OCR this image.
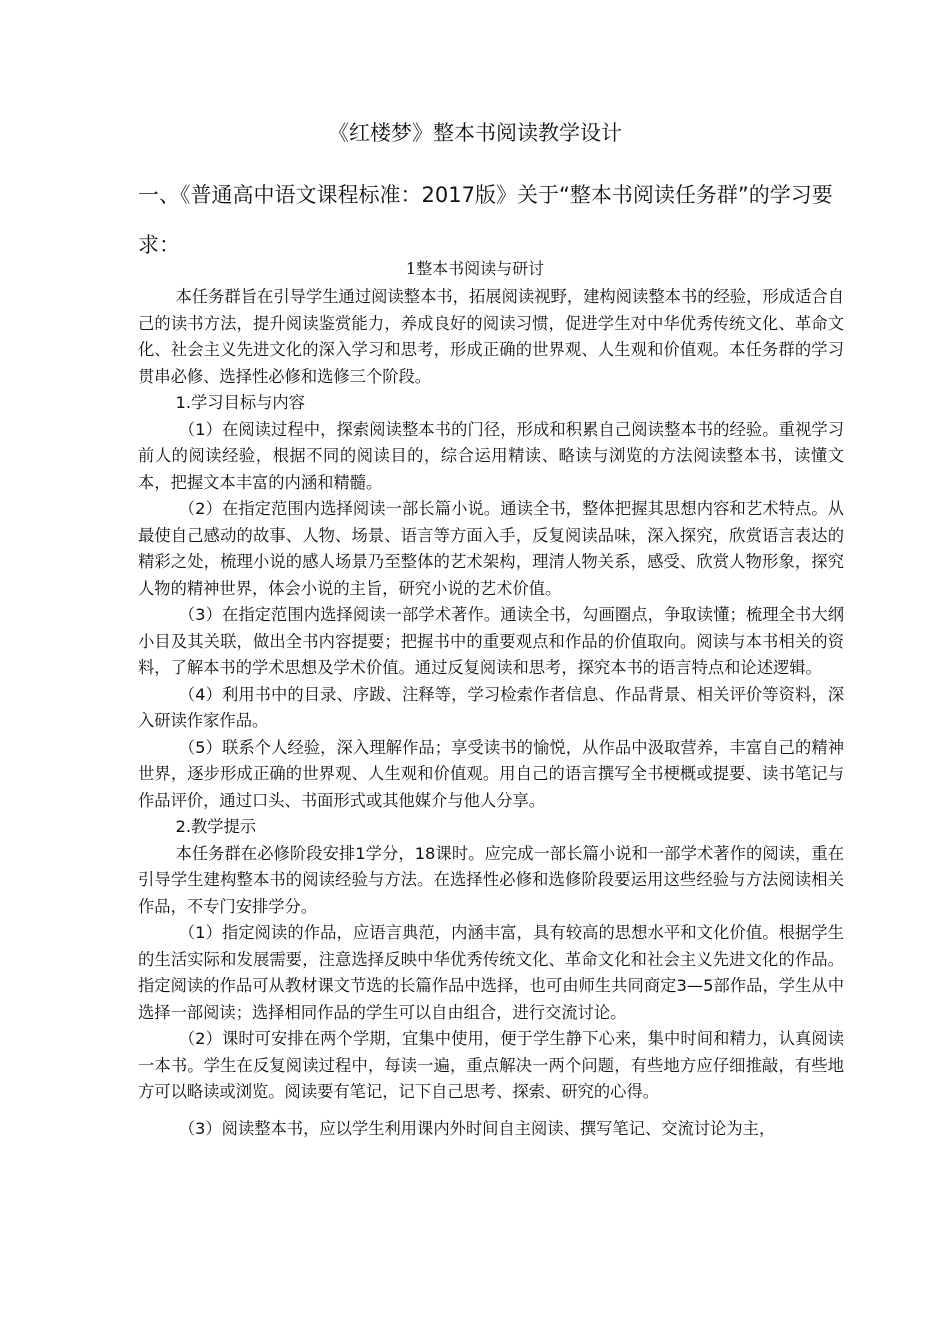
《红楼梦》整本书阅读教学设计
一、《普通高中语文课程标准：2017版》关于“整本书阅读任务群”的学习要求：
1整本书阅读与研讨

本任务群旨在引导学生通过阅读整本书，拓展阅读视野，建构阅读整本书的经验，形成适合自己的读书方法，提升阅读鉴赏能力，养成良好的阅读习惯，促进学生对中华优秀传统文化、革命文化、社会主义先进文化的深入学习和思考，形成正确的世界观、人生观和价值观。本任务群的学习贯串必修、选择性必修和选修三个阶段。

1.学习目标与内容

（1）在阅读过程中，探索阅读整本书的门径，形成和积累自己阅读整本书的经验。重视学习前人的阅读经验，根据不同的阅读目的，综合运用精读、略读与浏览的方法阅读整本书，读懂文本，把握文本丰富的内涵和精髓。

（2）在指定范围内选择阅读一部长篇小说。通读全书，整体把握其思想内容和艺术特点。从最使自己感动的故事、人物、场景、语言等方面入手，反复阅读品味，深入探究，欣赏语言表达的精彩之处，梳理小说的感人场景乃至整体的艺术架构，理清人物关系，感受、欣赏人物形象，探究人物的精神世界，体会小说的主旨，研究小说的艺术价值。

（3）在指定范围内选择阅读一部学术著作。通读全书，勾画圈点，争取读懂；梳理全书大纲小目及其关联，做出全书内容提要；把握书中的重要观点和作品的价值取向。阅读与本书相关的资料，了解本书的学术思想及学术价值。通过反复阅读和思考，探究本书的语言特点和论述逻辑。

（4）利用书中的目录、序跋、注释等，学习检索作者信息、作品背景、相关评价等资料，深入研读作家作品。

（5）联系个人经验，深入理解作品；享受读书的愉悦，从作品中汲取营养，丰富自己的精神世界，逐步形成正确的世界观、人生观和价值观。用自己的语言撰写全书梗概或提要、读书笔记与作品评价，通过口头、书面形式或其他媒介与他人分享。

2.教学提示

本任务群在必修阶段安排1学分，18课时。应完成一部长篇小说和一部学术著作的阅读，重在引导学生建构整本书的阅读经验与方法。在选择性必修和选修阶段要运用这些经验与方法阅读相关作品，不专门安排学分。

（1）指定阅读的作品，应语言典范，内涵丰富，具有较高的思想水平和文化价值。根据学生的生活实际和发展需要，注意选择反映中华优秀传统文化、革命文化和社会主义先进文化的作品。指定阅读的作品可从教材课文节选的长篇作品中选择，也可由师生共同商定3—5部作品，学生从中选择一部阅读；选择相同作品的学生可以自由组合，进行交流讨论。

（2）课时可安排在两个学期，宜集中使用，便于学生静下心来，集中时间和精力，认真阅读一本书。学生在反复阅读过程中，每读一遍，重点解决一两个问题，有些地方应仔细推敲，有些地方可以略读或浏览。阅读要有笔记，记下自己思考、探索、研究的心得。

（3）阅读整本书，应以学生利用课内外时间自主阅读、撰写笔记、交流讨论为主，
